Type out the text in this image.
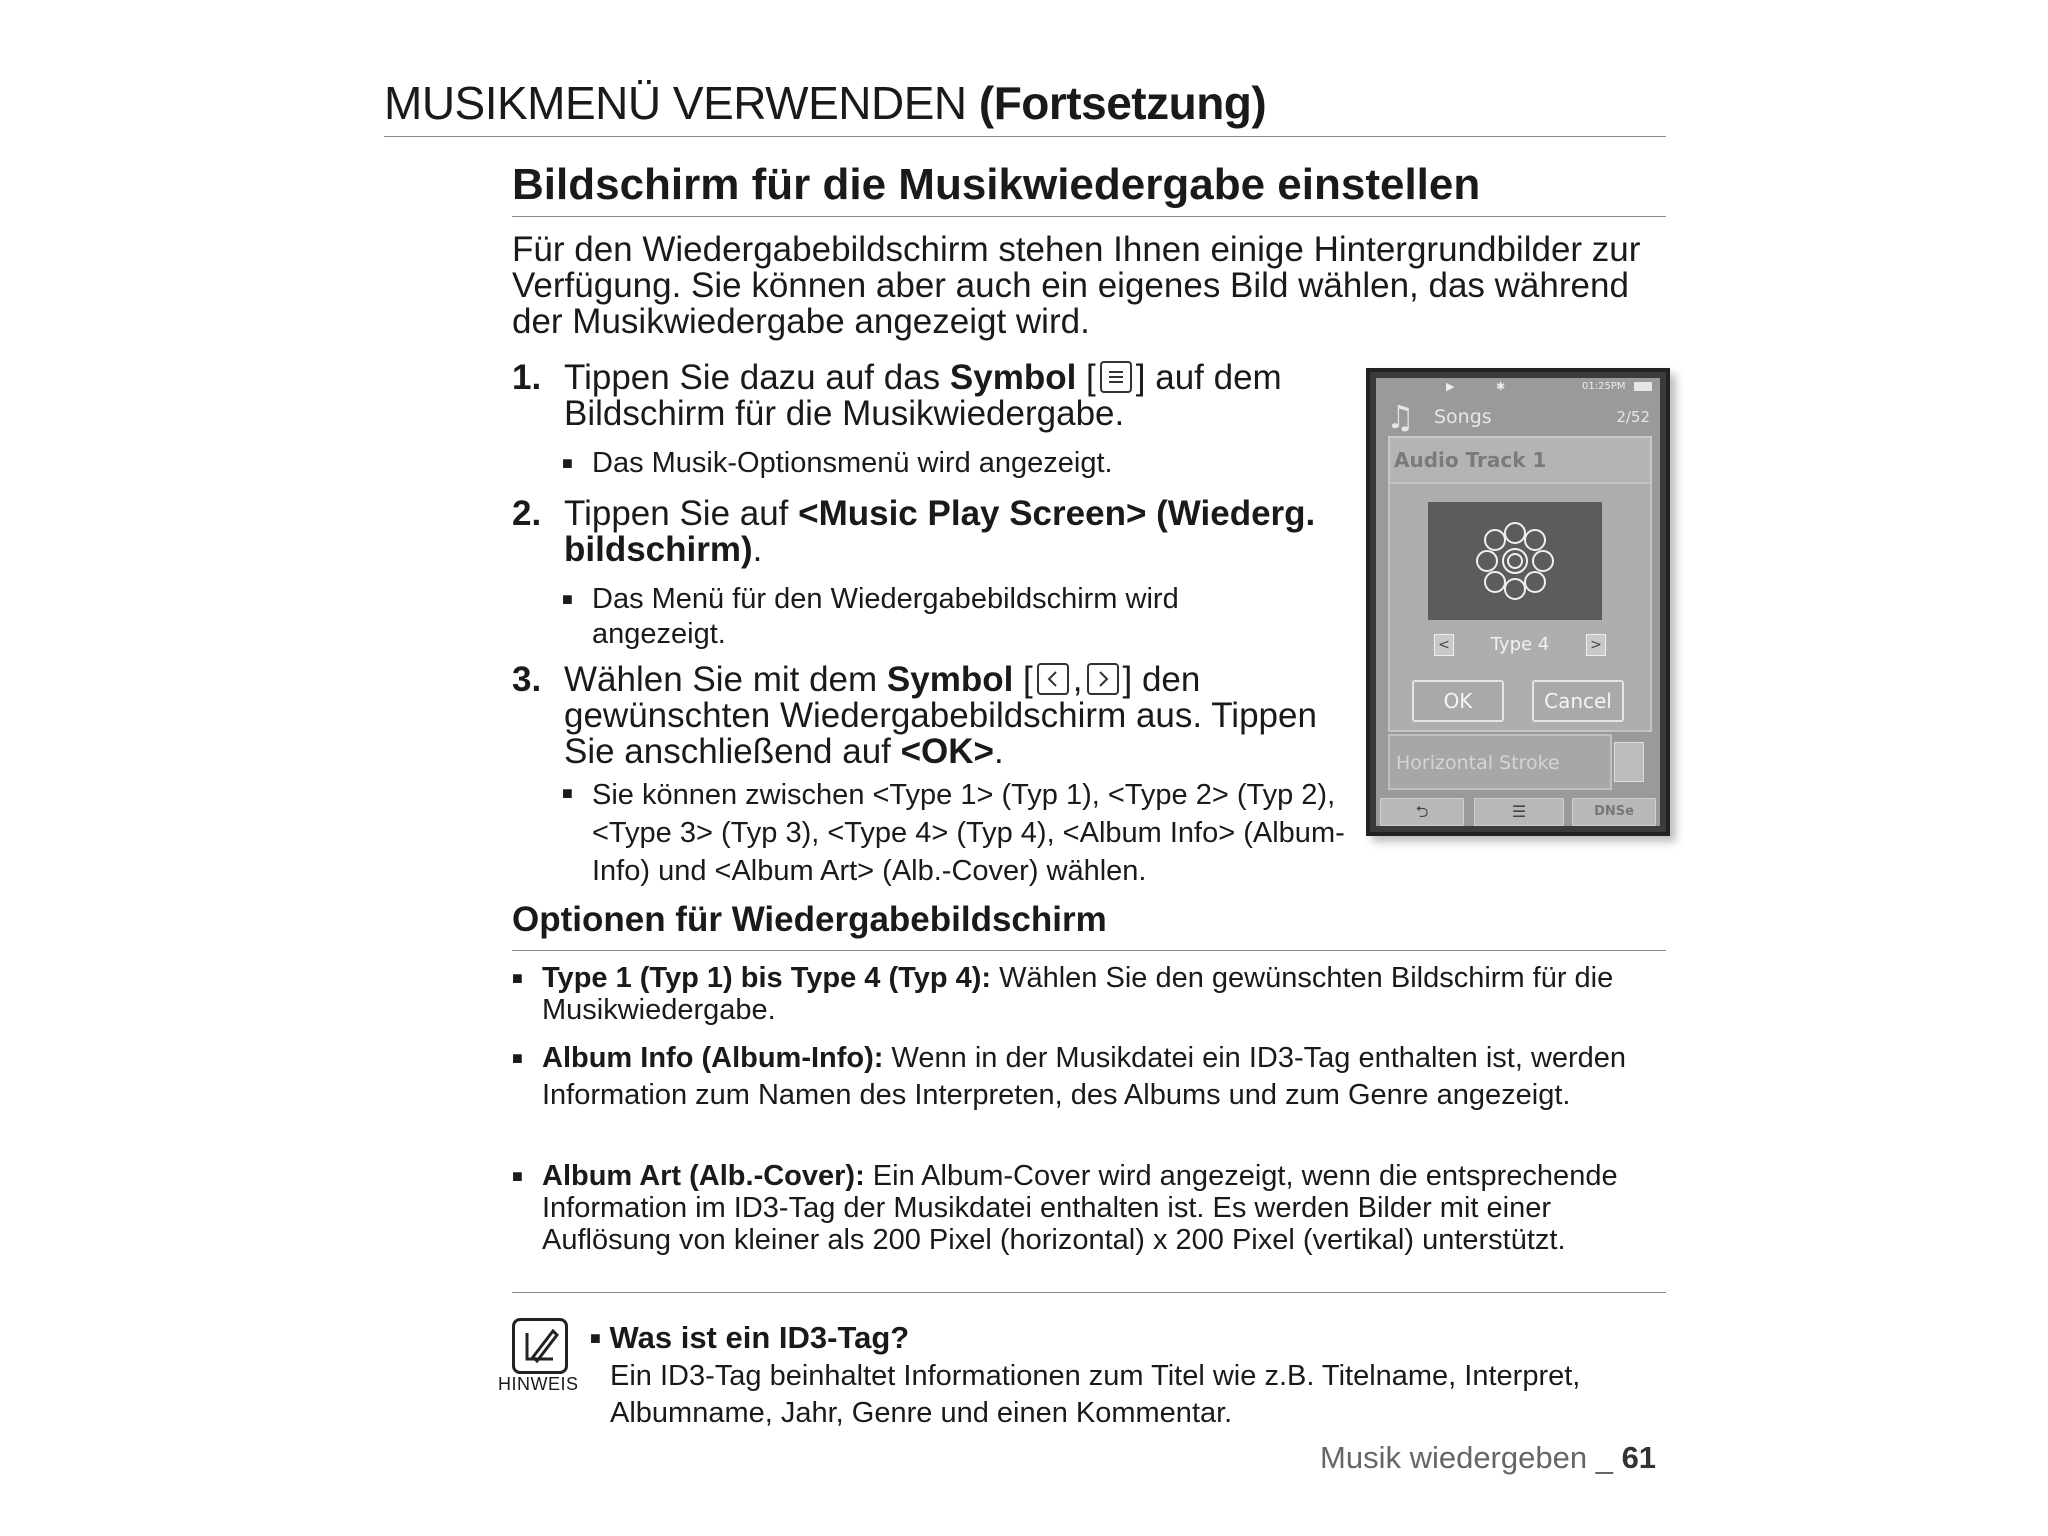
MUSIKMENÜ VERWENDEN (Fortsetzung)
Bildschirm für die Musikwiedergabe einstellen
Für den Wiedergabebildschirm stehen Ihnen einige Hintergrundbilder zur Verfügung. Sie können aber auch ein eigenes Bild wählen, das während der Musikwiedergabe angezeigt wird.
1. Tippen Sie dazu auf das Symbol [ ] auf dem Bildschirm für die Musikwiedergabe.
■ Das Musik-Optionsmenü wird angezeigt.
2. Tippen Sie auf <Music Play Screen> (Wiederg. bildschirm).
■ Das Menü für den Wiedergabebildschirm wird angezeigt.
3. Wählen Sie mit dem Symbol [ , ] den gewünschten Wiedergabebildschirm aus. Tippen Sie anschließend auf <OK>.
■ Sie können zwischen <Type 1> (Typ 1), <Type 2> (Typ 2), <Type 3> (Typ 3), <Type 4> (Typ 4), <Album Info> (Album-Info) und <Album Art> (Alb.-Cover) wählen.
▶	✱	01:25PM
♫ Songs	2/52
Audio Track 1
<	Type 4	>
OK	Cancel
Horizontal Stroke
⮌	☰	DNSe
Optionen für Wiedergabebildschirm
■ Type 1 (Typ 1) bis Type 4 (Typ 4): Wählen Sie den gewünschten Bildschirm für die Musikwiedergabe.
■ Album Info (Album-Info): Wenn in der Musikdatei ein ID3-Tag enthalten ist, werden Information zum Namen des Interpreten, des Albums und zum Genre angezeigt.
■ Album Art (Alb.-Cover): Ein Album-Cover wird angezeigt, wenn die entsprechende Information im ID3-Tag der Musikdatei enthalten ist. Es werden Bilder mit einer Auflösung von kleiner als 200 Pixel (horizontal) x 200 Pixel (vertikal) unterstützt.
HINWEIS
■ Was ist ein ID3-Tag?
Ein ID3-Tag beinhaltet Informationen zum Titel wie z.B. Titelname, Interpret, Albumname, Jahr, Genre und einen Kommentar.
Musik wiedergeben _ 61
